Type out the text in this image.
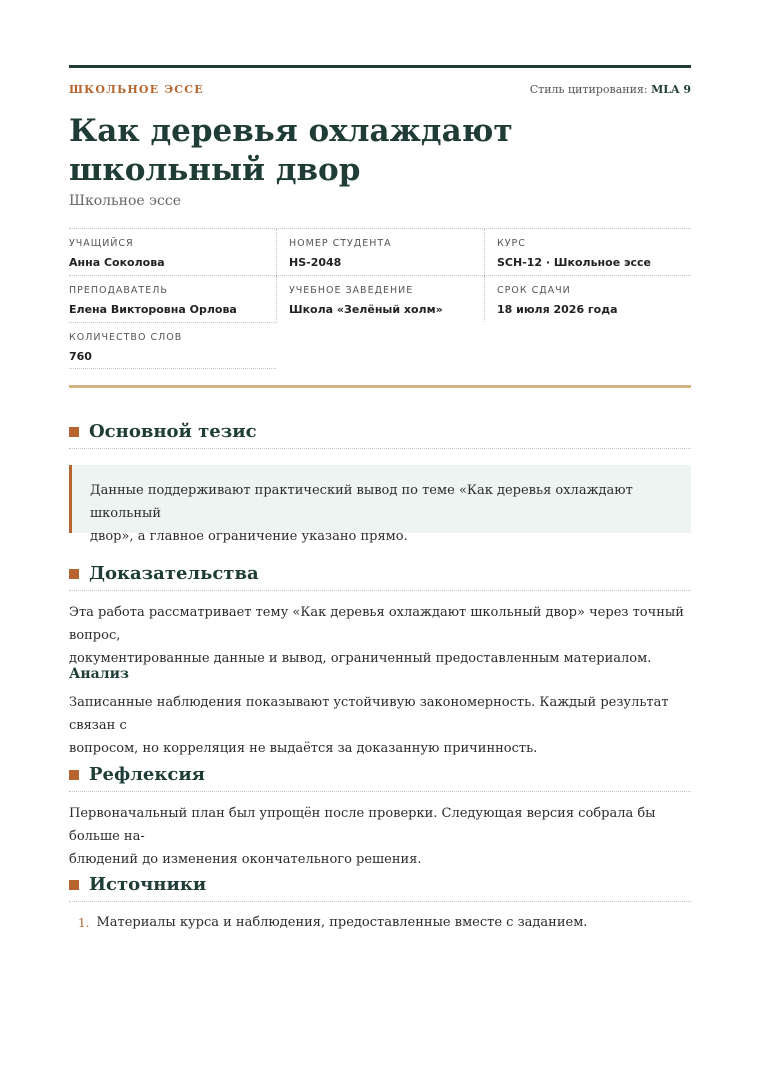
ШКОЛЬНОЕ ЭССЕ	Стиль цитирования: MLA 9
Как деревья охлаждают
школьный двор
Школьное эссе
УЧАЩИЙСЯ
Анна Соколова
НОМЕР СТУДЕНТА
HS-2048
КУРС
SCH-12 · Школьное эссе
ПРЕПОДАВАТЕЛЬ
Елена Викторовна Орлова
УЧЕБНОЕ ЗАВЕДЕНИЕ
Школа «Зелёный холм»
СРОК СДАЧИ
18 июля 2026 года
КОЛИЧЕСТВО СЛОВ
760
Основной тезис
Данные поддерживают практический вывод по теме «Как деревья охлаждают школьный
двор», а главное ограничение указано прямо.
Доказательства
Эта работа рассматривает тему «Как деревья охлаждают школьный двор» через точный вопрос,
документированные данные и вывод, ограниченный предоставленным материалом.
Анализ
Записанные наблюдения показывают устойчивую закономерность. Каждый результат связан с
вопросом, но корреляция не выдаётся за доказанную причинность.
Рефлексия
Первоначальный план был упрощён после проверки. Следующая версия собрала бы больше на-
блюдений до изменения окончательного решения.
Источники
1. Материалы курса и наблюдения, предоставленные вместе с заданием.
